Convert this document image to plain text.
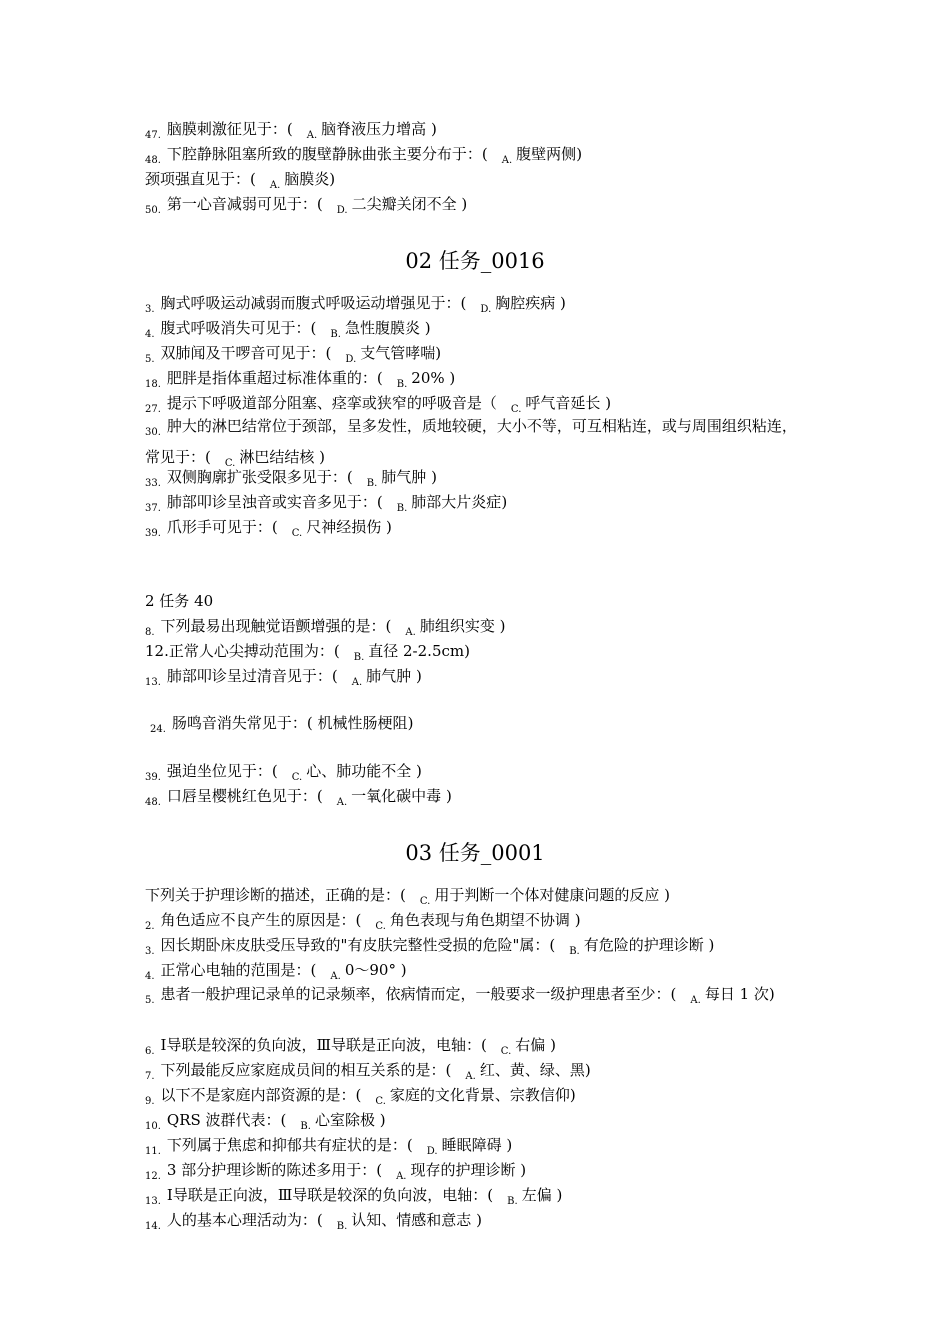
$_{47.}$ 脑膜刺激征见于：( $_{A.}$ 脑脊液压力增高 )
$_{48.}$ 下腔静脉阻塞所致的腹壁静脉曲张主要分布于：( $_{A.}$ 腹壁两侧)
颈项强直见于：( $_{A.}$ 脑膜炎)
$_{50.}$ 第一心音减弱可见于：( $_{D.}$ 二尖瓣关闭不全 )
02 任务_0016
$_{3.}$ 胸式呼吸运动减弱而腹式呼吸运动增强见于：( $_{D.}$ 胸腔疾病 )
$_{4.}$ 腹式呼吸消失可见于：( $_{B.}$ 急性腹膜炎 )
$_{5.}$ 双肺闻及干啰音可见于：( $_{D.}$ 支气管哮喘)
$_{18.}$ 肥胖是指体重超过标准体重的：( $_{B.}$ 20% )
$_{27.}$ 提示下呼吸道部分阻塞、痉挛或狭窄的呼吸音是（ $_{C.}$ 呼气音延长 )
$_{30.}$ 肿大的淋巴结常位于颈部，呈多发性，质地较硬，大小不等，可互相粘连，或与周围组织粘连，常见于：( $_{C.}$ 淋巴结结核 )
$_{33.}$ 双侧胸廓扩张受限多见于：( $_{B.}$ 肺气肿 )
$_{37.}$ 肺部叩诊呈浊音或实音多见于：( $_{B.}$ 肺部大片炎症)
$_{39.}$ 爪形手可见于：( $_{C.}$ 尺神经损伤 )
2 任务 40
$_{8.}$ 下列最易出现触觉语颤增强的是：( $_{A.}$ 肺组织实变 )
12.正常人心尖搏动范围为：( $_{B.}$ 直径 2-2.5cm)
$_{13.}$ 肺部叩诊呈过清音见于：( $_{A.}$ 肺气肿 )
$_{24.}$ 肠鸣音消失常见于：( 机械性肠梗阻)
$_{39.}$ 强迫坐位见于：( $_{C.}$ 心、肺功能不全 )
$_{48.}$ 口唇呈樱桃红色见于：( $_{A.}$ 一氧化碳中毒 )
03 任务_0001
下列关于护理诊断的描述，正确的是：( $_{C.}$ 用于判断一个体对健康问题的反应 )
$_{2.}$ 角色适应不良产生的原因是：( $_{C.}$ 角色表现与角色期望不协调 )
$_{3.}$ 因长期卧床皮肤受压导致的"有皮肤完整性受损的危险"属：( $_{B.}$ 有危险的护理诊断 )
$_{4.}$ 正常心电轴的范围是：( $_{A.}$ 0～90° )
$_{5.}$ 患者一般护理记录单的记录频率，依病情而定，一般要求一级护理患者至少：( $_{A.}$ 每日 1 次)
$_{6.}$ Ⅰ导联是较深的负向波，Ⅲ导联是正向波，电轴：( $_{C.}$ 右偏 )
$_{7.}$ 下列最能反应家庭成员间的相互关系的是：( $_{A.}$ 红、黄、绿、黑)
$_{9.}$ 以下不是家庭内部资源的是：( $_{C.}$ 家庭的文化背景、宗教信仰)
$_{10.}$ QRS 波群代表：( $_{B.}$ 心室除极 )
$_{11.}$ 下列属于焦虑和抑郁共有症状的是：( $_{D.}$ 睡眠障碍 )
$_{12.}$ 3 部分护理诊断的陈述多用于：( $_{A.}$ 现存的护理诊断 )
$_{13.}$ Ⅰ导联是正向波，Ⅲ导联是较深的负向波，电轴：( $_{B.}$ 左偏 )
$_{14.}$ 人的基本心理活动为：( $_{B.}$ 认知、情感和意志 )
